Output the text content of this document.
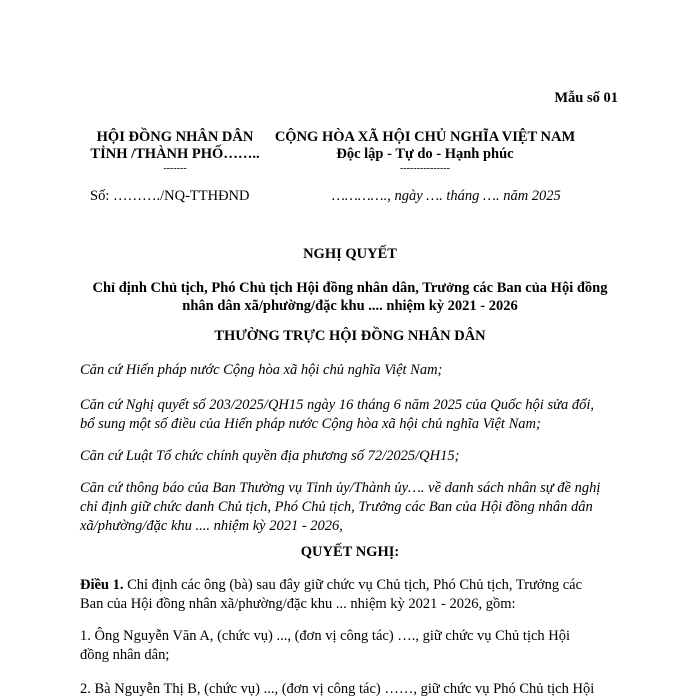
Mẫu số 01

HỘI ĐỒNG NHÂN DÂN
TỈNH /THÀNH PHỐ……..
-------

Số: ………./NQ-TTHĐND

CỘNG HÒA XÃ HỘI CHỦ NGHĨA VIỆT NAM
Độc lập - Tự do - Hạnh phúc
---------------

…………., ngày …. tháng …. năm 2025

NGHỊ QUYẾT

Chỉ định Chủ tịch, Phó Chủ tịch Hội đồng nhân dân, Trưởng các Ban của Hội đồng
nhân dân xã/phường/đặc khu .... nhiệm kỳ 2021 - 2026

THƯỜNG TRỰC HỘI ĐỒNG NHÂN DÂN

Căn cứ Hiến pháp nước Cộng hòa xã hội chủ nghĩa Việt Nam;
Căn cứ Nghị quyết số 203/2025/QH15 ngày 16 tháng 6 năm 2025 của Quốc hội sửa đổi,
bổ sung một số điều của Hiến pháp nước Cộng hòa xã hội chủ nghĩa Việt Nam;
Căn cứ Luật Tổ chức chính quyền địa phương số 72/2025/QH15;
Căn cứ thông báo của Ban Thường vụ Tỉnh ủy/Thành ủy…. về danh sách nhân sự đề nghị
chỉ định giữ chức danh Chủ tịch, Phó Chủ tịch, Trưởng các Ban của Hội đồng nhân dân
xã/phường/đặc khu .... nhiệm kỳ 2021 - 2026,

QUYẾT NGHỊ:

Điều 1. Chỉ định các ông (bà) sau đây giữ chức vụ Chủ tịch, Phó Chủ tịch, Trưởng các
Ban của Hội đồng nhân xã/phường/đặc khu ... nhiệm kỳ 2021 - 2026, gồm:
1. Ông Nguyễn Văn A, (chức vụ) ..., (đơn vị công tác) …., giữ chức vụ Chủ tịch Hội
đồng nhân dân;
2. Bà Nguyễn Thị B, (chức vụ) ..., (đơn vị công tác) ……, giữ chức vụ Phó Chủ tịch Hội
